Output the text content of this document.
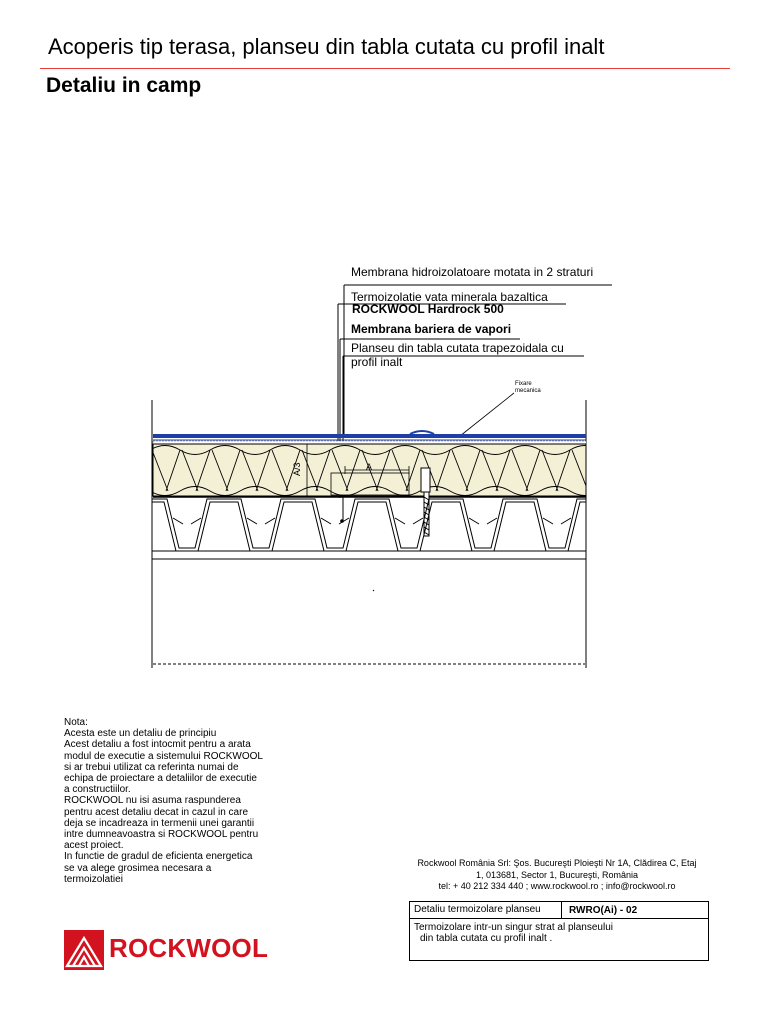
Acoperis tip terasa, planseu din tabla cutata cu profil inalt
Detaliu in camp
Membrana hidroizolatoare motata in 2 straturi
Termoizolatie vata minerala bazaltica
ROCKWOOL Hardrock 500
Membrana bariera de vapori
Planseu din tabla cutata trapezoidala cu
profil inalt
Fixare
mecanica
A
A/3
Nota:
Acesta este un detaliu de principiu
Acest detaliu a fost intocmit pentru a arata
modul de executie a sistemului ROCKWOOL
si ar trebui utilizat ca referinta numai de
echipa de proiectare a detaliilor de executie
a constructiilor.
ROCKWOOL nu isi asuma raspunderea
pentru acest detaliu decat in cazul in care
deja se incadreaza in termenii unei garantii
intre dumneavoastra si ROCKWOOL pentru
acest proiect.
In functie de gradul de eficienta energetica
se va alege grosimea necesara a
termoizolatiei
Rockwool România Srl: Şos. Bucureşti Ploieşti Nr 1A, Clădirea C, Etaj
1, 013681, Sector 1, Bucureşti, România
tel: + 40 212 334 440 ; www.rockwool.ro ; info@rockwool.ro
Detaliu termoizolare planseu	RWRO(Ai) - 02
Termoizolare intr-un singur strat al planseului
din tabla cutata cu profil inalt .
ROCKWOOL
